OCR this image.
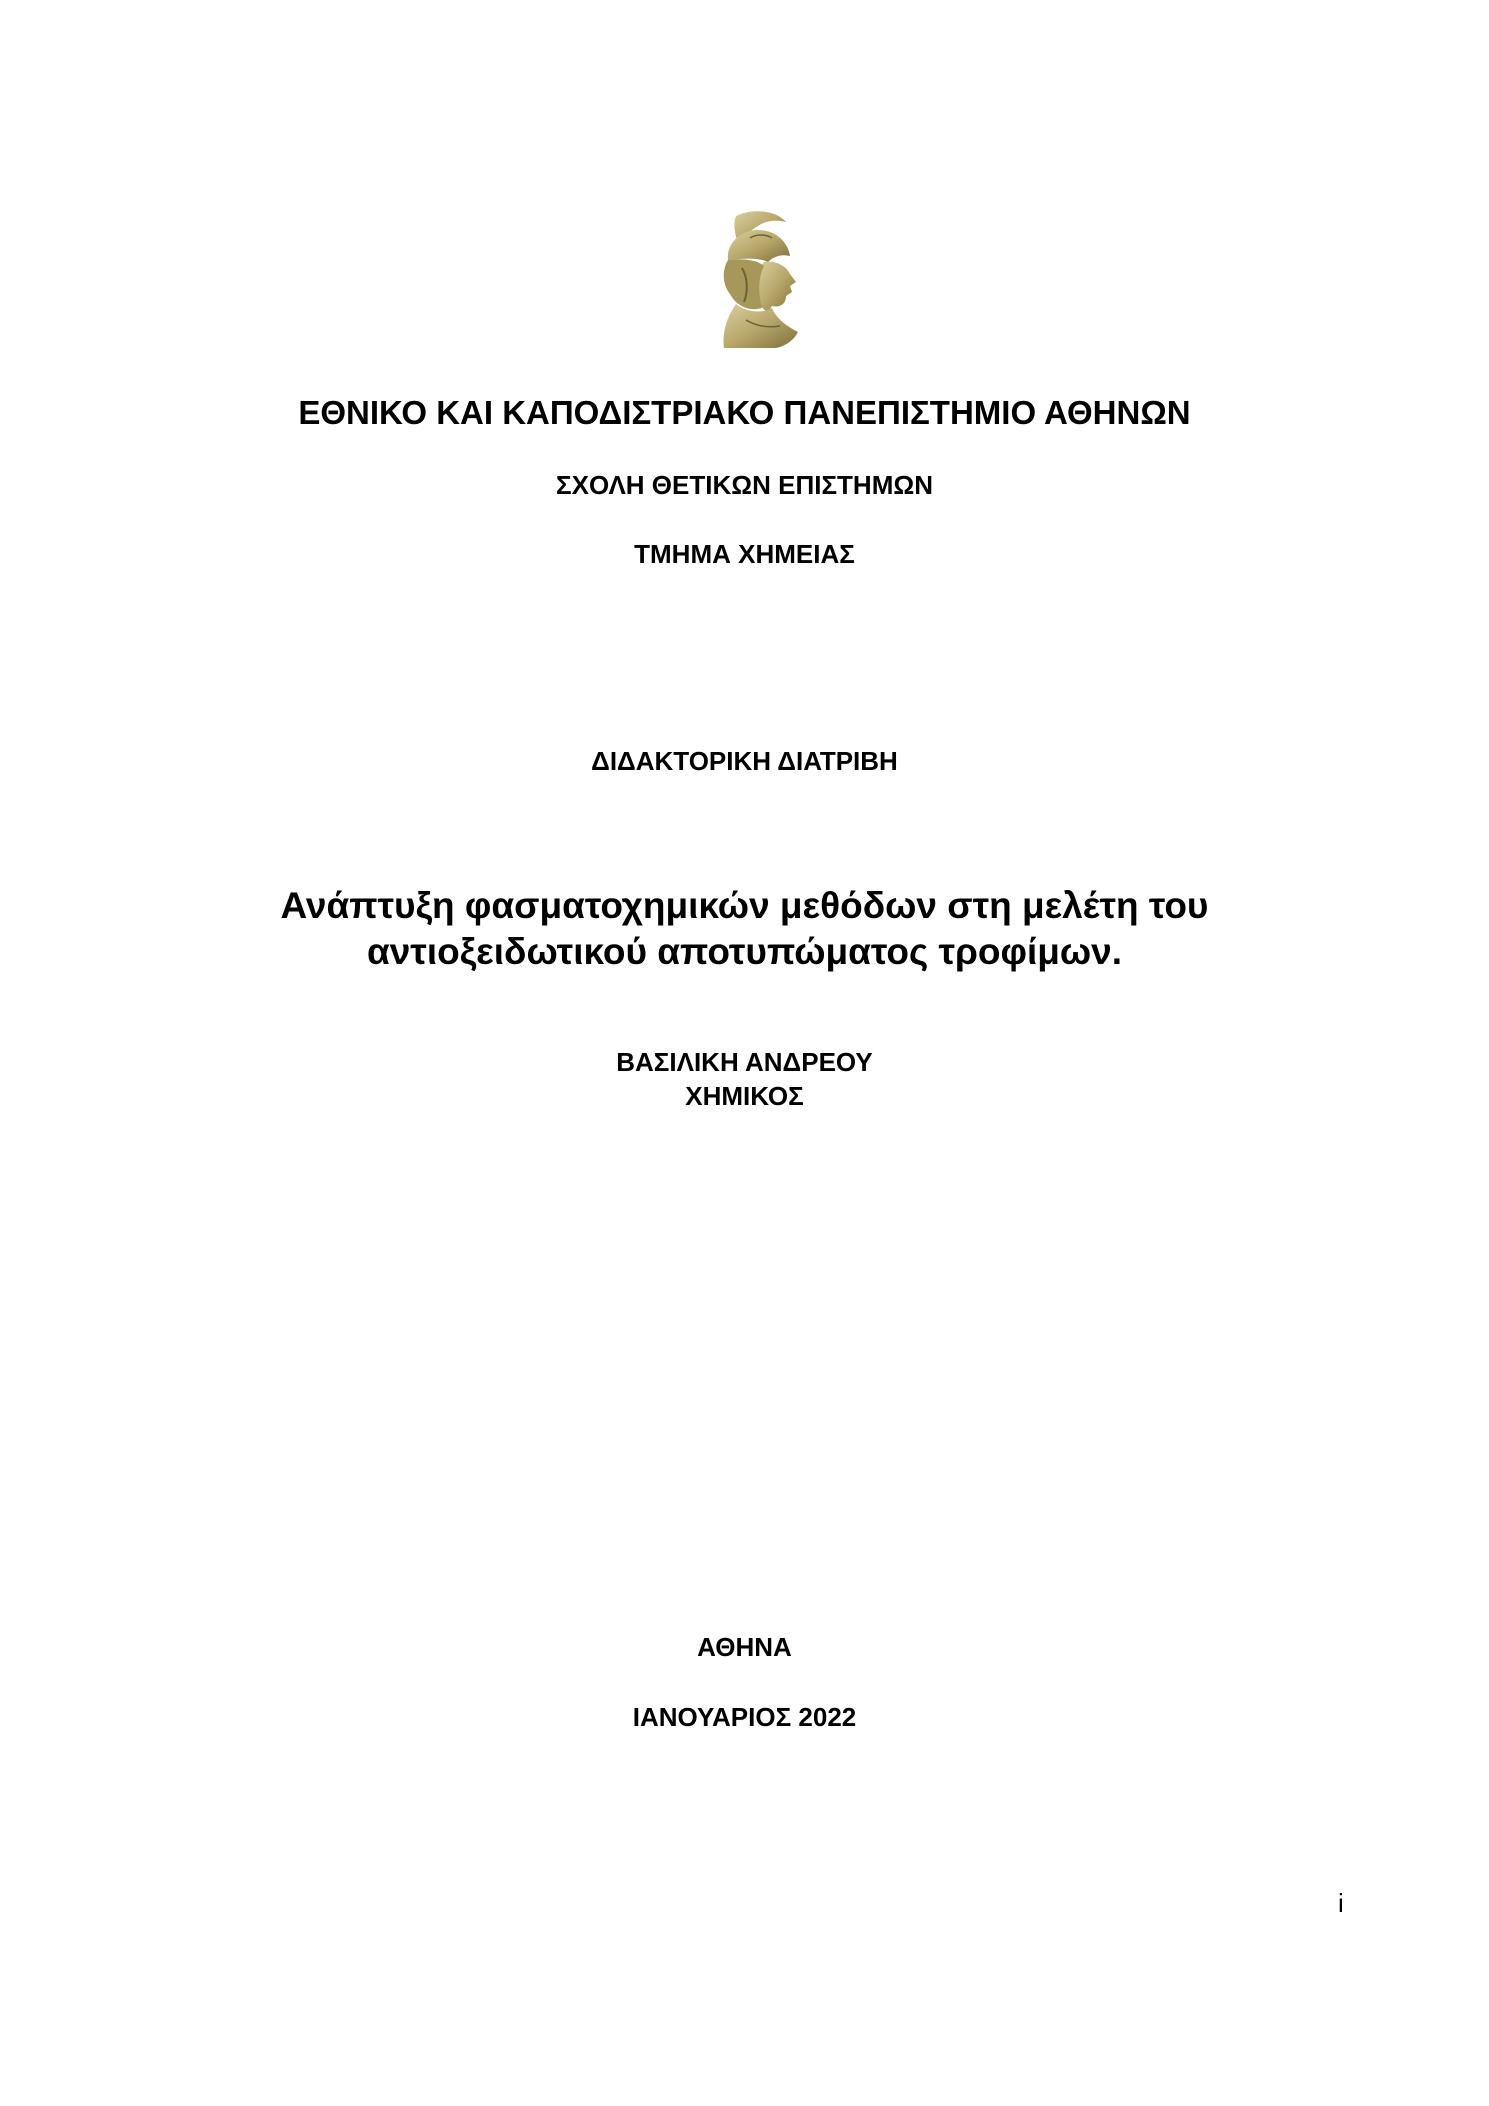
ΕΘΝΙΚΟ ΚΑΙ ΚΑΠΟΔΙΣΤΡΙΑΚΟ ΠΑΝΕΠΙΣΤΗΜΙΟ ΑΘΗΝΩΝ

ΣΧΟΛΗ ΘΕΤΙΚΩΝ ΕΠΙΣΤΗΜΩΝ

ΤΜΗΜΑ ΧΗΜΕΙΑΣ

ΔΙΔΑΚΤΟΡΙΚΗ ΔΙΑΤΡΙΒΗ

Ανάπτυξη φασματοχημικών μεθόδων στη μελέτη του
αντιοξειδωτικού αποτυπώματος τροφίμων.
ΒΑΣΙΛΙΚΗ ΑΝΔΡΕΟΥ
ΧΗΜΙΚΟΣ

ΑΘΗΝΑ

ΙΑΝΟΥΑΡΙΟΣ 2022

i
